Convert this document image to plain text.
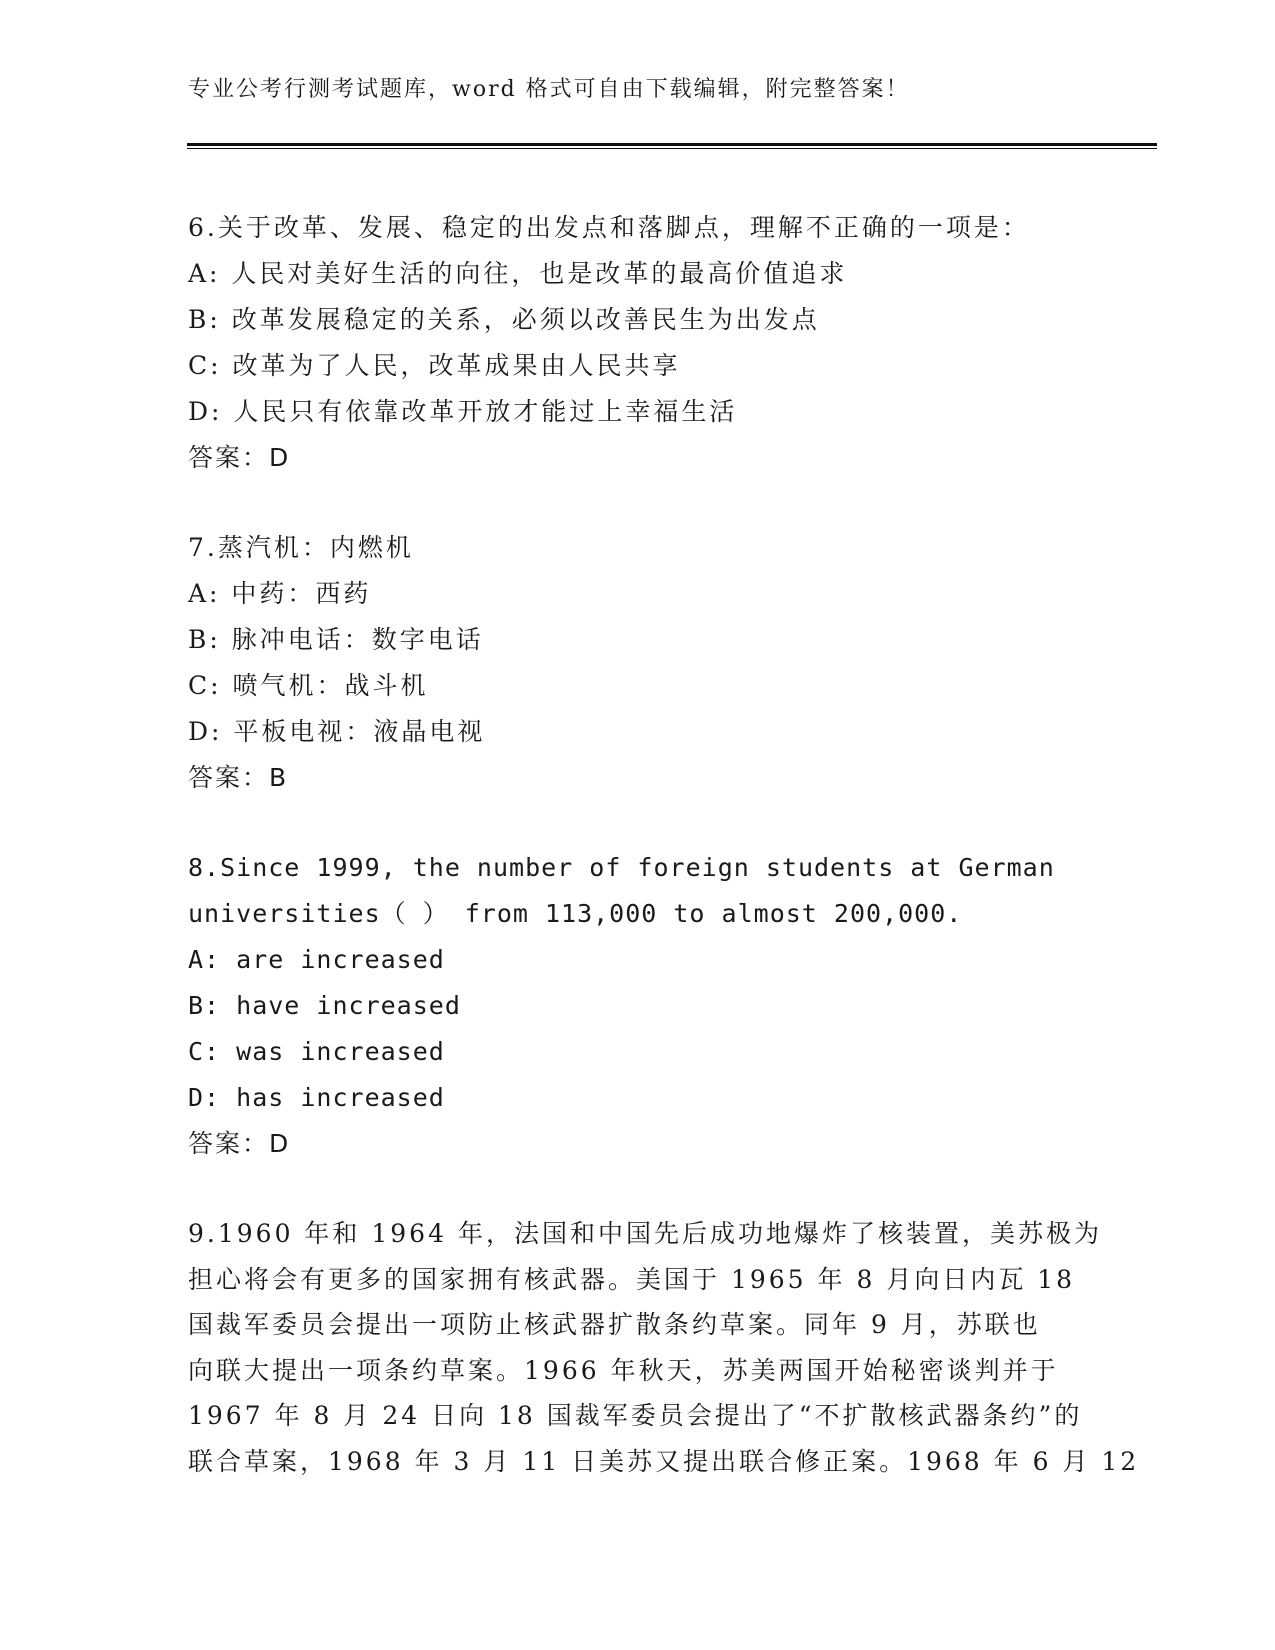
专业公考行测考试题库，word 格式可自由下载编辑，附完整答案！
6.关于改革、发展、稳定的出发点和落脚点，理解不正确的一项是：
A: 人民对美好生活的向往，也是改革的最高价值追求
B: 改革发展稳定的关系，必须以改善民生为出发点
C: 改革为了人民，改革成果由人民共享
D: 人民只有依靠改革开放才能过上幸福生活
答案：D
7.蒸汽机：内燃机
A: 中药：西药
B: 脉冲电话：数字电话
C: 喷气机：战斗机
D: 平板电视：液晶电视
答案：B
8.Since 1999, the number of foreign students at German
universities（ ） from 113,000 to almost 200,000.
A: are increased
B: have increased
C: was increased
D: has increased
答案：D
9.1960 年和 1964 年，法国和中国先后成功地爆炸了核装置，美苏极为
担心将会有更多的国家拥有核武器。美国于 1965 年 8 月向日内瓦 18
国裁军委员会提出一项防止核武器扩散条约草案。同年 9 月，苏联也
向联大提出一项条约草案。1966 年秋天，苏美两国开始秘密谈判并于
1967 年 8 月 24 日向 18 国裁军委员会提出了“不扩散核武器条约”的
联合草案，1968 年 3 月 11 日美苏又提出联合修正案。1968 年 6 月 12
